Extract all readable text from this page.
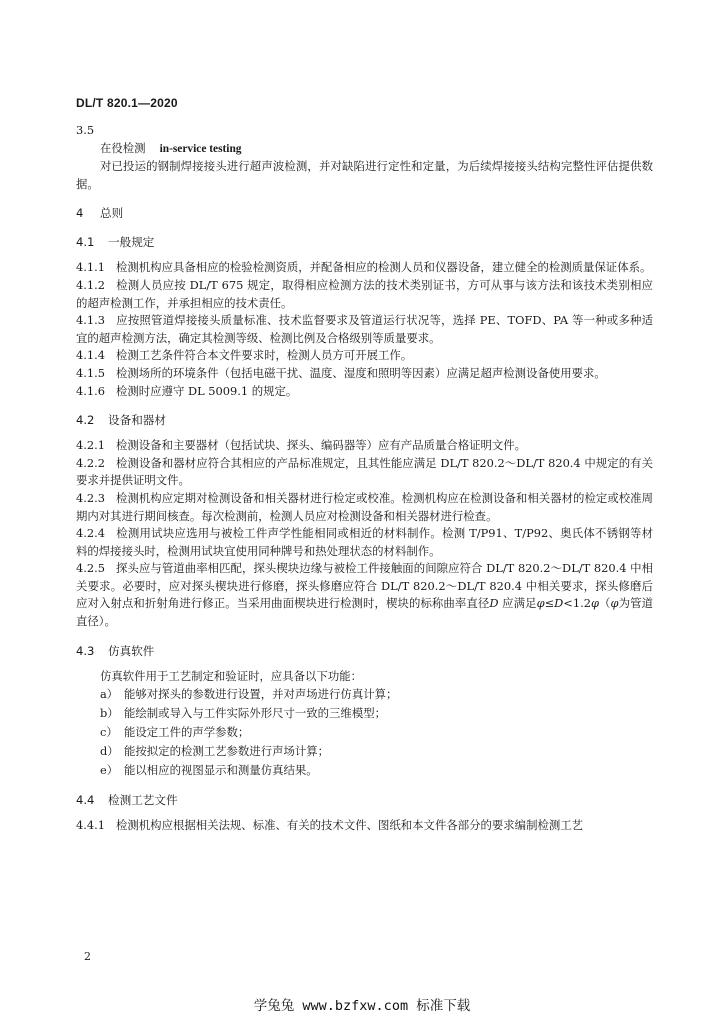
DL/T 820.1—2020

3.5

在役检测 in-service testing

对已投运的钢制焊接接头进行超声波检测，并对缺陷进行定性和定量，为后续焊接接头结构完整性评估提供数据。

4 总则

4.1 一般规定

4.1.1 检测机构应具备相应的检验检测资质，并配备相应的检测人员和仪器设备，建立健全的检测质量保证体系。

4.1.2 检测人员应按 DL/T 675 规定，取得相应检测方法的技术类别证书，方可从事与该方法和该技术类别相应的超声检测工作，并承担相应的技术责任。

4.1.3 应按照管道焊接接头质量标准、技术监督要求及管道运行状况等，选择 PE、TOFD、PA 等一种或多种适宜的超声检测方法，确定其检测等级、检测比例及合格级别等质量要求。

4.1.4 检测工艺条件符合本文件要求时，检测人员方可开展工作。

4.1.5 检测场所的环境条件（包括电磁干扰、温度、湿度和照明等因素）应满足超声检测设备使用要求。

4.1.6 检测时应遵守 DL 5009.1 的规定。

4.2 设备和器材

4.2.1 检测设备和主要器材（包括试块、探头、编码器等）应有产品质量合格证明文件。

4.2.2 检测设备和器材应符合其相应的产品标准规定，且其性能应满足 DL/T 820.2～DL/T 820.4 中规定的有关要求并提供证明文件。

4.2.3 检测机构应定期对检测设备和相关器材进行检定或校准。检测机构应在检测设备和相关器材的检定或校准周期内对其进行期间核查。每次检测前，检测人员应对检测设备和相关器材进行检查。

4.2.4 检测用试块应选用与被检工件声学性能相同或相近的材料制作。检测 T/P91、T/P92、奥氏体不锈钢等材料的焊接接头时，检测用试块宜使用同种牌号和热处理状态的材料制作。

4.2.5 探头应与管道曲率相匹配，探头楔块边缘与被检工件接触面的间隙应符合 DL/T 820.2～DL/T 820.4 中相关要求。必要时，应对探头楔块进行修磨，探头修磨应符合 DL/T 820.2～DL/T 820.4 中相关要求，探头修磨后应对入射点和折射角进行修正。当采用曲面楔块进行检测时，楔块的标称曲率直径D 应满足φ≤D<1.2φ（φ为管道直径）。

4.3 仿真软件

仿真软件用于工艺制定和验证时，应具备以下功能：

a） 能够对探头的参数进行设置，并对声场进行仿真计算；

b） 能绘制或导入与工件实际外形尺寸一致的三维模型；

c） 能设定工件的声学参数；

d） 能按拟定的检测工艺参数进行声场计算；

e） 能以相应的视图显示和测量仿真结果。

4.4 检测工艺文件

4.4.1 检测机构应根据相关法规、标准、有关的技术文件、图纸和本文件各部分的要求编制检测工艺

2
学兔兔 www.bzfxw.com 标准下载
